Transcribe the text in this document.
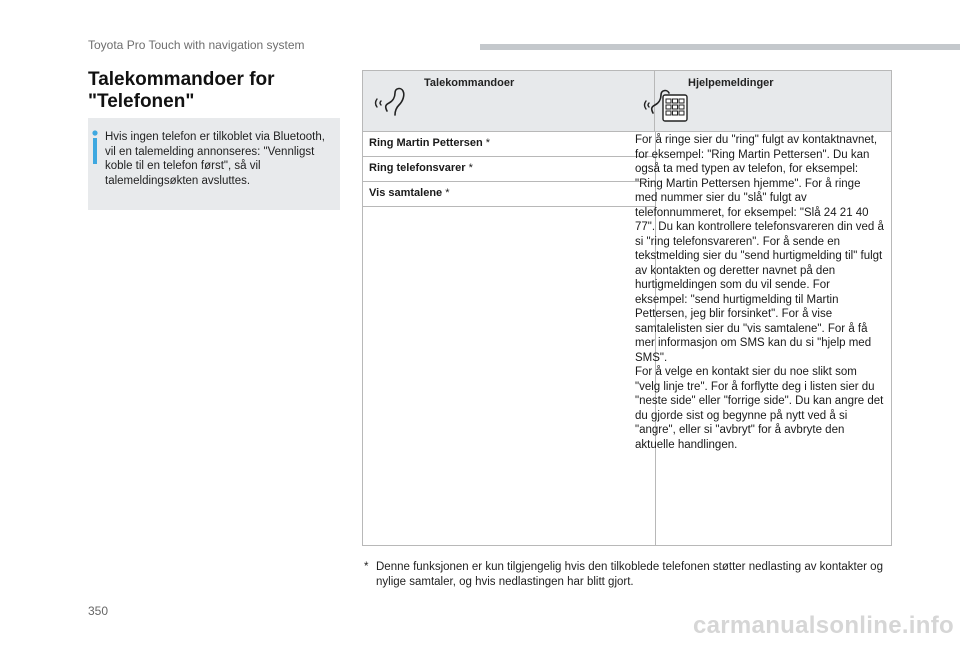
Toyota Pro Touch with navigation system
Talekommandoer for "Telefonen"
Hvis ingen telefon er tilkoblet via Bluetooth, vil en talemelding annonseres: "Vennligst koble til en telefon først", så vil talemeldingsøkten avsluttes.
Talekommandoer	Hjelpemeldinger
Ring Martin Pettersen *
Ring telefonsvarer *
Vis samtalene *
For å ringe sier du "ring" fulgt av kontaktnavnet, for eksempel: "Ring Martin Pettersen". Du kan også ta med typen av telefon, for eksempel: "Ring Martin Pettersen hjemme". For å ringe med nummer sier du "slå" fulgt av telefonnummeret, for eksempel: "Slå 24 21 40 77". Du kan kontrollere telefonsvareren din ved å si "ring telefonsvareren". For å sende en tekstmelding sier du "send hurtigmelding til" fulgt av kontakten og deretter navnet på den hurtigmeldingen som du vil sende. For eksempel: "send hurtigmelding til Martin Pettersen, jeg blir forsinket". For å vise samtalelisten sier du "vis samtalene". For å få mer informasjon om SMS kan du si "hjelp med SMS".
For å velge en kontakt sier du noe slikt som "velg linje tre". For å forflytte deg i listen sier du "neste side" eller "forrige side". Du kan angre det du gjorde sist og begynne på nytt ved å si "angre", eller si "avbryt" for å avbryte den aktuelle handlingen.
* Denne funksjonen er kun tilgjengelig hvis den tilkoblede telefonen støtter nedlasting av kontakter og nylige samtaler, og hvis nedlastingen har blitt gjort.
350
carmanualsonline.info
